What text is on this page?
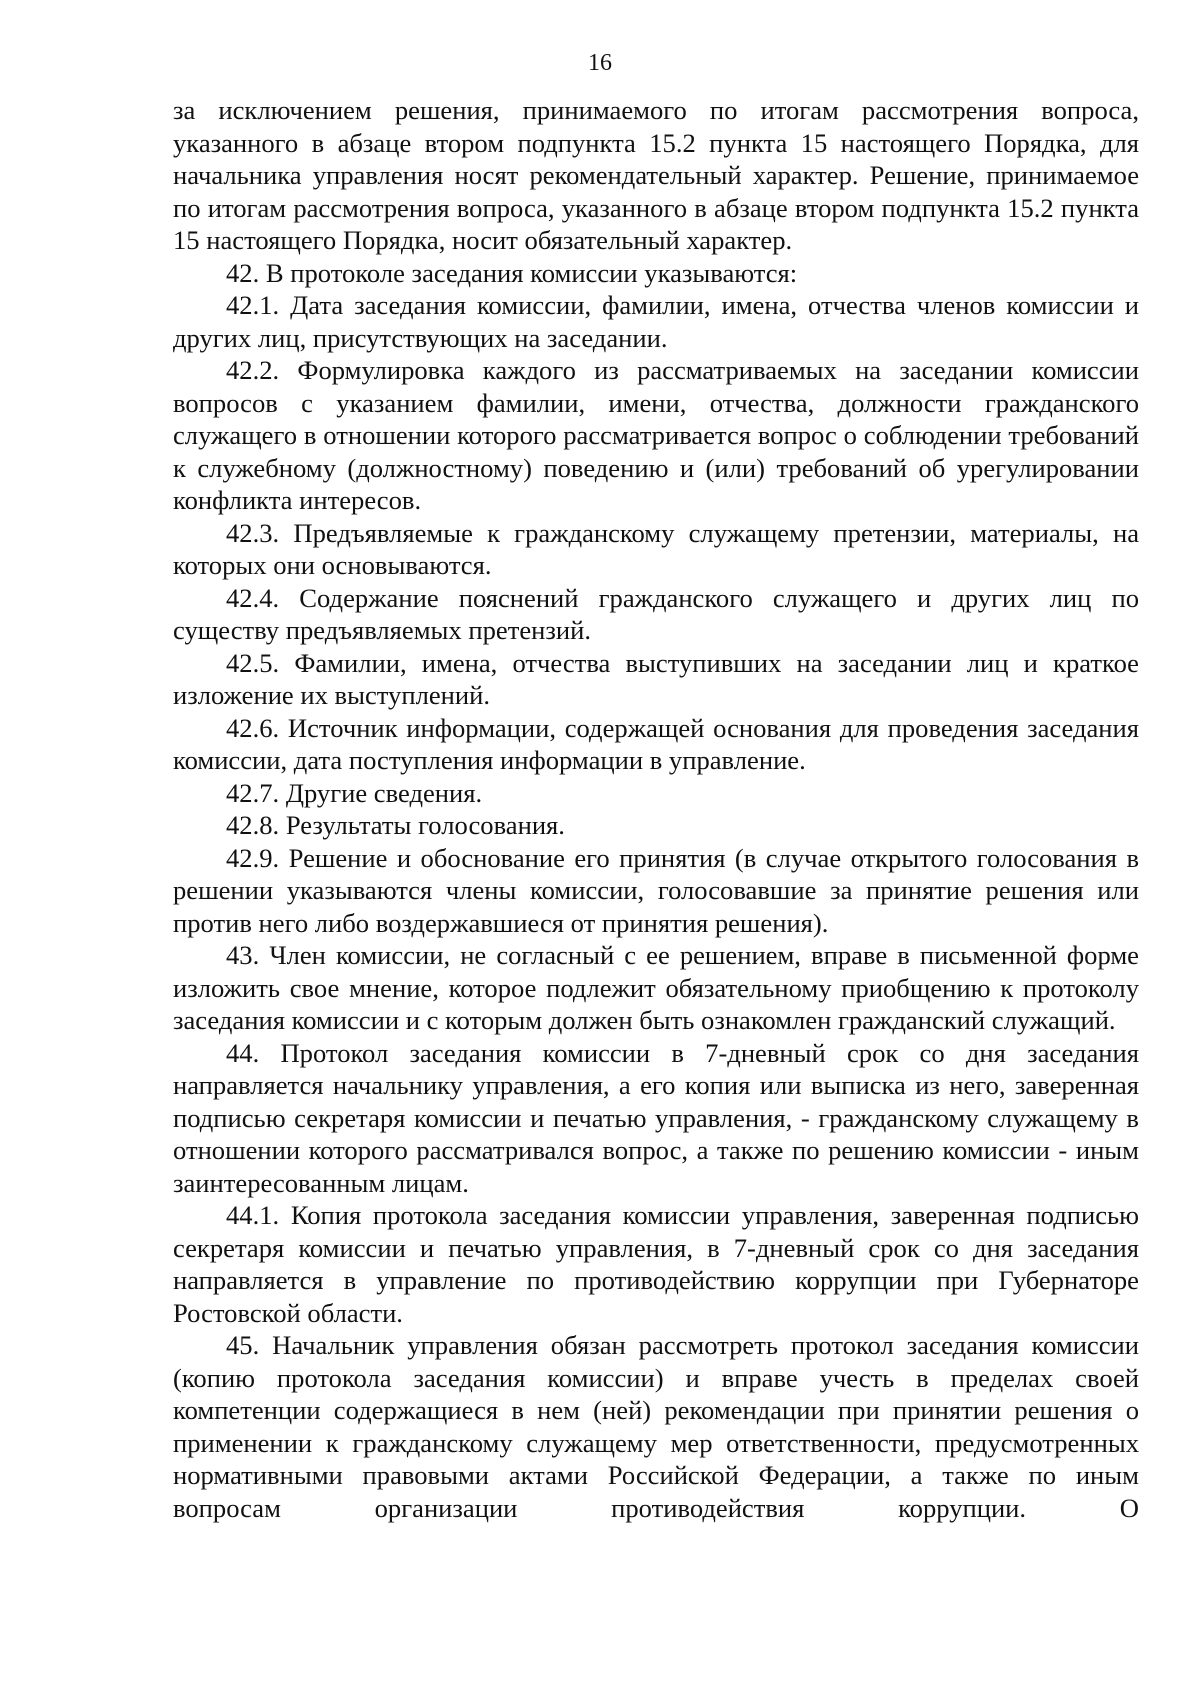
16

за исключением решения, принимаемого по итогам рассмотрения вопроса, указанного в абзаце втором подпункта 15.2 пункта 15 настоящего Порядка, для начальника управления носят рекомендательный характер. Решение, принимаемое по итогам рассмотрения вопроса, указанного в абзаце втором подпункта 15.2 пункта 15 настоящего Порядка, носит обязательный характер.

42. В протоколе заседания комиссии указываются:

42.1. Дата заседания комиссии, фамилии, имена, отчества членов комиссии и других лиц, присутствующих на заседании.

42.2. Формулировка каждого из рассматриваемых на заседании комиссии вопросов с указанием фамилии, имени, отчества, должности гражданского служащего в отношении которого рассматривается вопрос о соблюдении требований к служебному (должностному) поведению и (или) требований об урегулировании конфликта интересов.

42.3. Предъявляемые к гражданскому служащему претензии, материалы, на которых они основываются.

42.4. Содержание пояснений гражданского служащего и других лиц по существу предъявляемых претензий.

42.5. Фамилии, имена, отчества выступивших на заседании лиц и краткое изложение их выступлений.

42.6. Источник информации, содержащей основания для проведения заседания комиссии, дата поступления информации в управление.

42.7. Другие сведения.

42.8. Результаты голосования.

42.9. Решение и обоснование его принятия (в случае открытого голосования в решении указываются члены комиссии, голосовавшие за принятие решения или против него либо воздержавшиеся от принятия решения).

43. Член комиссии, не согласный с ее решением, вправе в письменной форме изложить свое мнение, которое подлежит обязательному приобщению к протоколу заседания комиссии и с которым должен быть ознакомлен гражданский служащий.

44. Протокол заседания комиссии в 7-дневный срок со дня заседания направляется начальнику управления, а его копия или выписка из него, заверенная подписью секретаря комиссии и печатью управления, - гражданскому служащему в отношении которого рассматривался вопрос, а также по решению комиссии - иным заинтересованным лицам.

44.1. Копия протокола заседания комиссии управления, заверенная подписью секретаря комиссии и печатью управления, в 7-дневный срок со дня заседания направляется в управление по противодействию коррупции при Губернаторе Ростовской области.

45. Начальник управления обязан рассмотреть протокол заседания комиссии (копию протокола заседания комиссии) и вправе учесть в пределах своей компетенции содержащиеся в нем (ней) рекомендации при принятии решения о применении к гражданскому служащему мер ответственности, предусмотренных нормативными правовыми актами Российской Федерации, а также по иным вопросам организации противодействия коррупции. О
